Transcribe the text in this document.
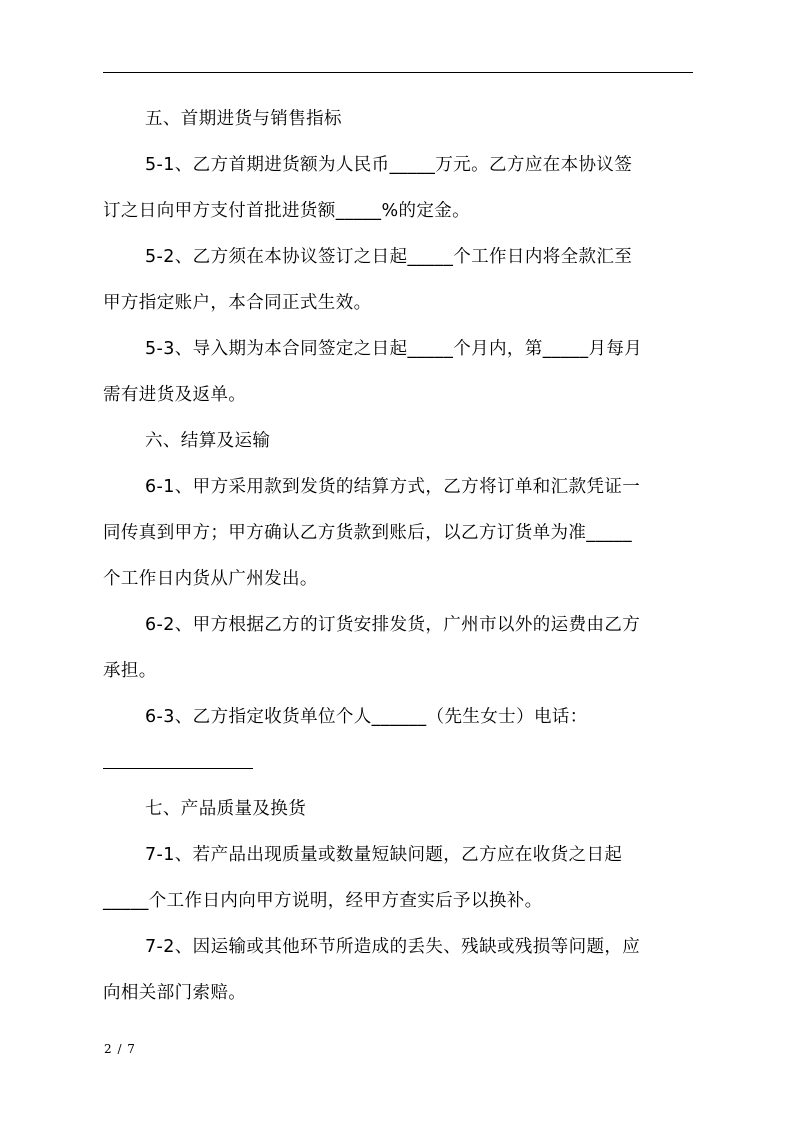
五、首期进货与销售指标
5-1、乙方首期进货额为人民币_____万元。乙方应在本协议签
订之日向甲方支付首批进货额_____%的定金。
5-2、乙方须在本协议签订之日起_____个工作日内将全款汇至
甲方指定账户，本合同正式生效。
5-3、导入期为本合同签定之日起_____个月内，第_____月每月
需有进货及返单。
六、结算及运输
6-1、甲方采用款到发货的结算方式，乙方将订单和汇款凭证一
同传真到甲方；甲方确认乙方货款到账后，以乙方订货单为准_____
个工作日内货从广州发出。
6-2、甲方根据乙方的订货安排发货，广州市以外的运费由乙方
承担。
6-3、乙方指定收货单位个人______（先生女士）电话：
七、产品质量及换货
7-1、若产品出现质量或数量短缺问题，乙方应在收货之日起
_____个工作日内向甲方说明，经甲方查实后予以换补。
7-2、因运输或其他环节所造成的丢失、残缺或残损等问题，应
向相关部门索赔。
2 / 7
